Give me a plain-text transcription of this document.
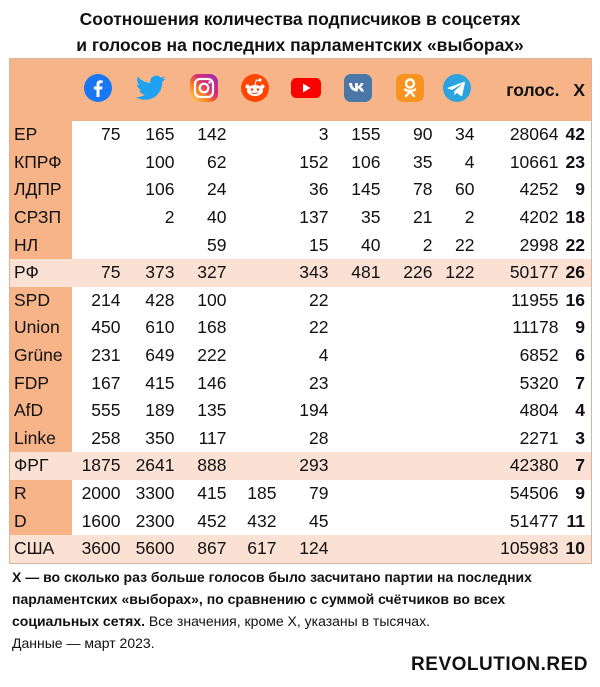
Соотношения количества подписчиков в соцсетях
и голосов на последних парламентских «выборах»
									голос.	X
ЕР	75	165	142		3	155	90	34	28064	42
КПРФ		100	62		152	106	35	4	10661	23
ЛДПР		106	24		36	145	78	60	4252	9
СРЗП		2	40		137	35	21	2	4202	18
НЛ			59		15	40	2	22	2998	22
РФ	75	373	327		343	481	226	122	50177	26
SPD	214	428	100		22				11955	16
Union	450	610	168		22				11178	9
Grüne	231	649	222		4				6852	6
FDP	167	415	146		23				5320	7
AfD	555	189	135		194				4804	4
Linke	258	350	117		28				2271	3
ФРГ	1875	2641	888		293				42380	7
R	2000	3300	415	185	79				54506	9
D	1600	2300	452	432	45				51477	11
США	3600	5600	867	617	124				105983	10
X — во сколько раз больше голосов было засчитано партии на последних парламентских «выборах», по сравнению с суммой счётчиков во всех социальных сетях. Все значения, кроме X, указаны в тысячах.
Данные — март 2023.
REVOLUTION.RED
